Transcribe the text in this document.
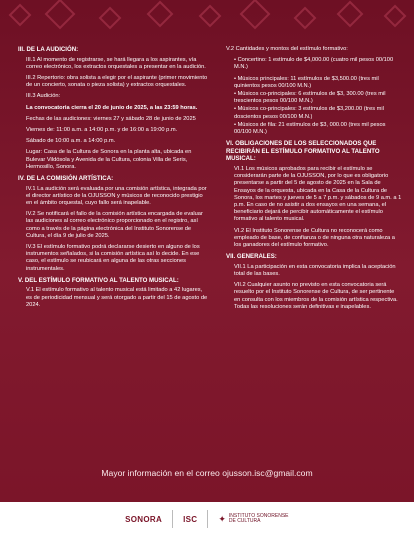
III. DE LA AUDICIÓN:
III.1 Al momento de registrarse, se hará llegara a los aspirantes, vía correo electrónico, los extractos orquestales a presentar en la audición.
III.2 Repertorio: obra solista a elegir por el aspirante (primer movimiento de un concierto, sonata o pieza solista) y extractos orquestales.
III.3 Audición:
La convocatoria cierra el 20 de junio de 2025, a las 23:59 horas.
Fechas de las audiciones: viernes 27 y sábado 28 de junio de 2025
Viernes de: 11:00 a.m. a 14:00 p.m. y de 16:00 a 19:00 p.m.
Sábado de 10:00 a.m. a 14:00 p.m.
Lugar: Casa de la Cultura de Sonora en la planta alta, ubicada en Bulevar Vildósola y Avenida de la Cultura, colonia Villa de Seris, Hermosillo, Sonora.
IV. DE LA COMISIÓN ARTÍSTICA:
IV.1 La audición será evaluada por una comisión artística, integrada por el director artístico de la OJUSSON y músicos de reconocido prestigio en el ámbito orquestal, cuyo fallo será inapelable.
IV.2 Se notificará el fallo de la comisión artística encargada de evaluar las audiciones al correo electrónico proporcionado en el registro, así como a través de la página electrónica del Instituto Sonorense de Cultura, el día 9 de julio de 2025.
IV.3 El estímulo formativo podrá declararse desierto en alguno de los instrumentos señalados, si la comisión artística así lo decide. En ese caso, el estímulo se reubicará en alguna de las otras secciones instrumentales.
V. DEL ESTÍMULO FORMATIVO AL TALENTO MUSICAL:
V.1 El estímulo formativo al talento musical está limitado a 42 lugares, es de periodicidad mensual y será otorgado a partir del 15 de agosto de 2024.
V.2 Cantidades y montos del estímulo formativo:
• Concertino: 1 estímulo de $4,000.00 (cuatro mil pesos 00/100 M.N.)
• Músicos principales: 11 estímulos de $3,500.00 (tres mil quinientos pesos 00/100 M.N.)
• Músicos co-principales: 6 estímulos de $3, 300.00 (tres mil trescientos pesos 00/100 M.N.)
• Músicos co-principales: 3 estímulos de $3,200.00 (tres mil doscientos pesos 00/100 M.N.)
• Músicos de fila: 21 estímulos de $3, 000.00 (tres mil pesos 00/100 M.N.)
VI. OBLIGACIONES DE LOS SELECCIONADOS QUE RECIBIRÁN EL ESTÍMULO FORMATIVO AL TALENTO MUSICAL:
VI.1 Los músicos aprobados para recibir el estímulo se considerarán parte de la OJUSSON, por lo que es obligatorio presentarse a partir del 5 de agosto de 2025 en la Sala de Ensayos de la orquesta, ubicada en la Casa de la Cultura de Sonora, los martes y jueves de 5 a 7 p.m. y sábados de 9 a.m. a 1 p.m. En caso de no asistir a dos ensayos en una semana, el beneficiario dejará de percibir automáticamente el estímulo formativo al talento musical.
VI.2 El Instituto Sonorense de Cultura no reconocerá como empleado de base, de confianza o de ninguna otra naturaleza a los ganadores del estímulo formativo.
VII. GENERALES:
VII.1 La participación en esta convocatoria implica la aceptación total de las bases.
VII.2 Cualquier asunto no previsto en esta convocatoria será resuelto por el Instituto Sonorense de Cultura, de ser pertinente en consulta con los miembros de la comisión artística respectiva. Todas las resoluciones serán definitivas e inapelables.
Mayor información en el correo ojusson.isc@gmail.com
SONORA	ISC ✦ INSTITUTO SONORENSE DE CULTURA
